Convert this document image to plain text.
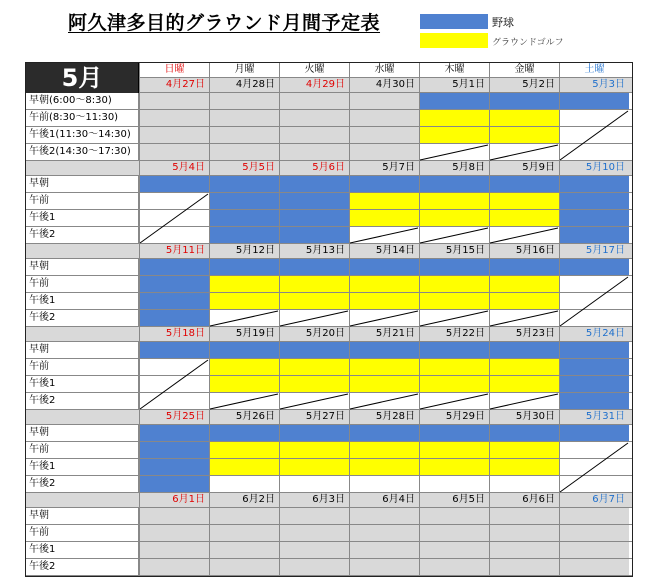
阿久津多目的グラウンド月間予定表	野球
グラウンドゴルフ
5月	日曜	月曜	火曜	水曜	木曜	金曜	土曜
4月27日	4月28日	4月29日	4月30日	5月1日	5月2日	5月3日
早朝(6:00～8:30)
午前(8:30～11:30)
午後1(11:30～14:30)
午後2(14:30～17:30)
5月4日	5月5日	5月6日	5月7日	5月8日	5月9日	5月10日
早朝
午前
午後1
午後2
5月11日	5月12日	5月13日	5月14日	5月15日	5月16日	5月17日
早朝
午前
午後1
午後2
5月18日	5月19日	5月20日	5月21日	5月22日	5月23日	5月24日
早朝
午前
午後1
午後2
5月25日	5月26日	5月27日	5月28日	5月29日	5月30日	5月31日
早朝
午前
午後1
午後2
6月1日	6月2日	6月3日	6月4日	6月5日	6月6日	6月7日
早朝
午前
午後1
午後2
